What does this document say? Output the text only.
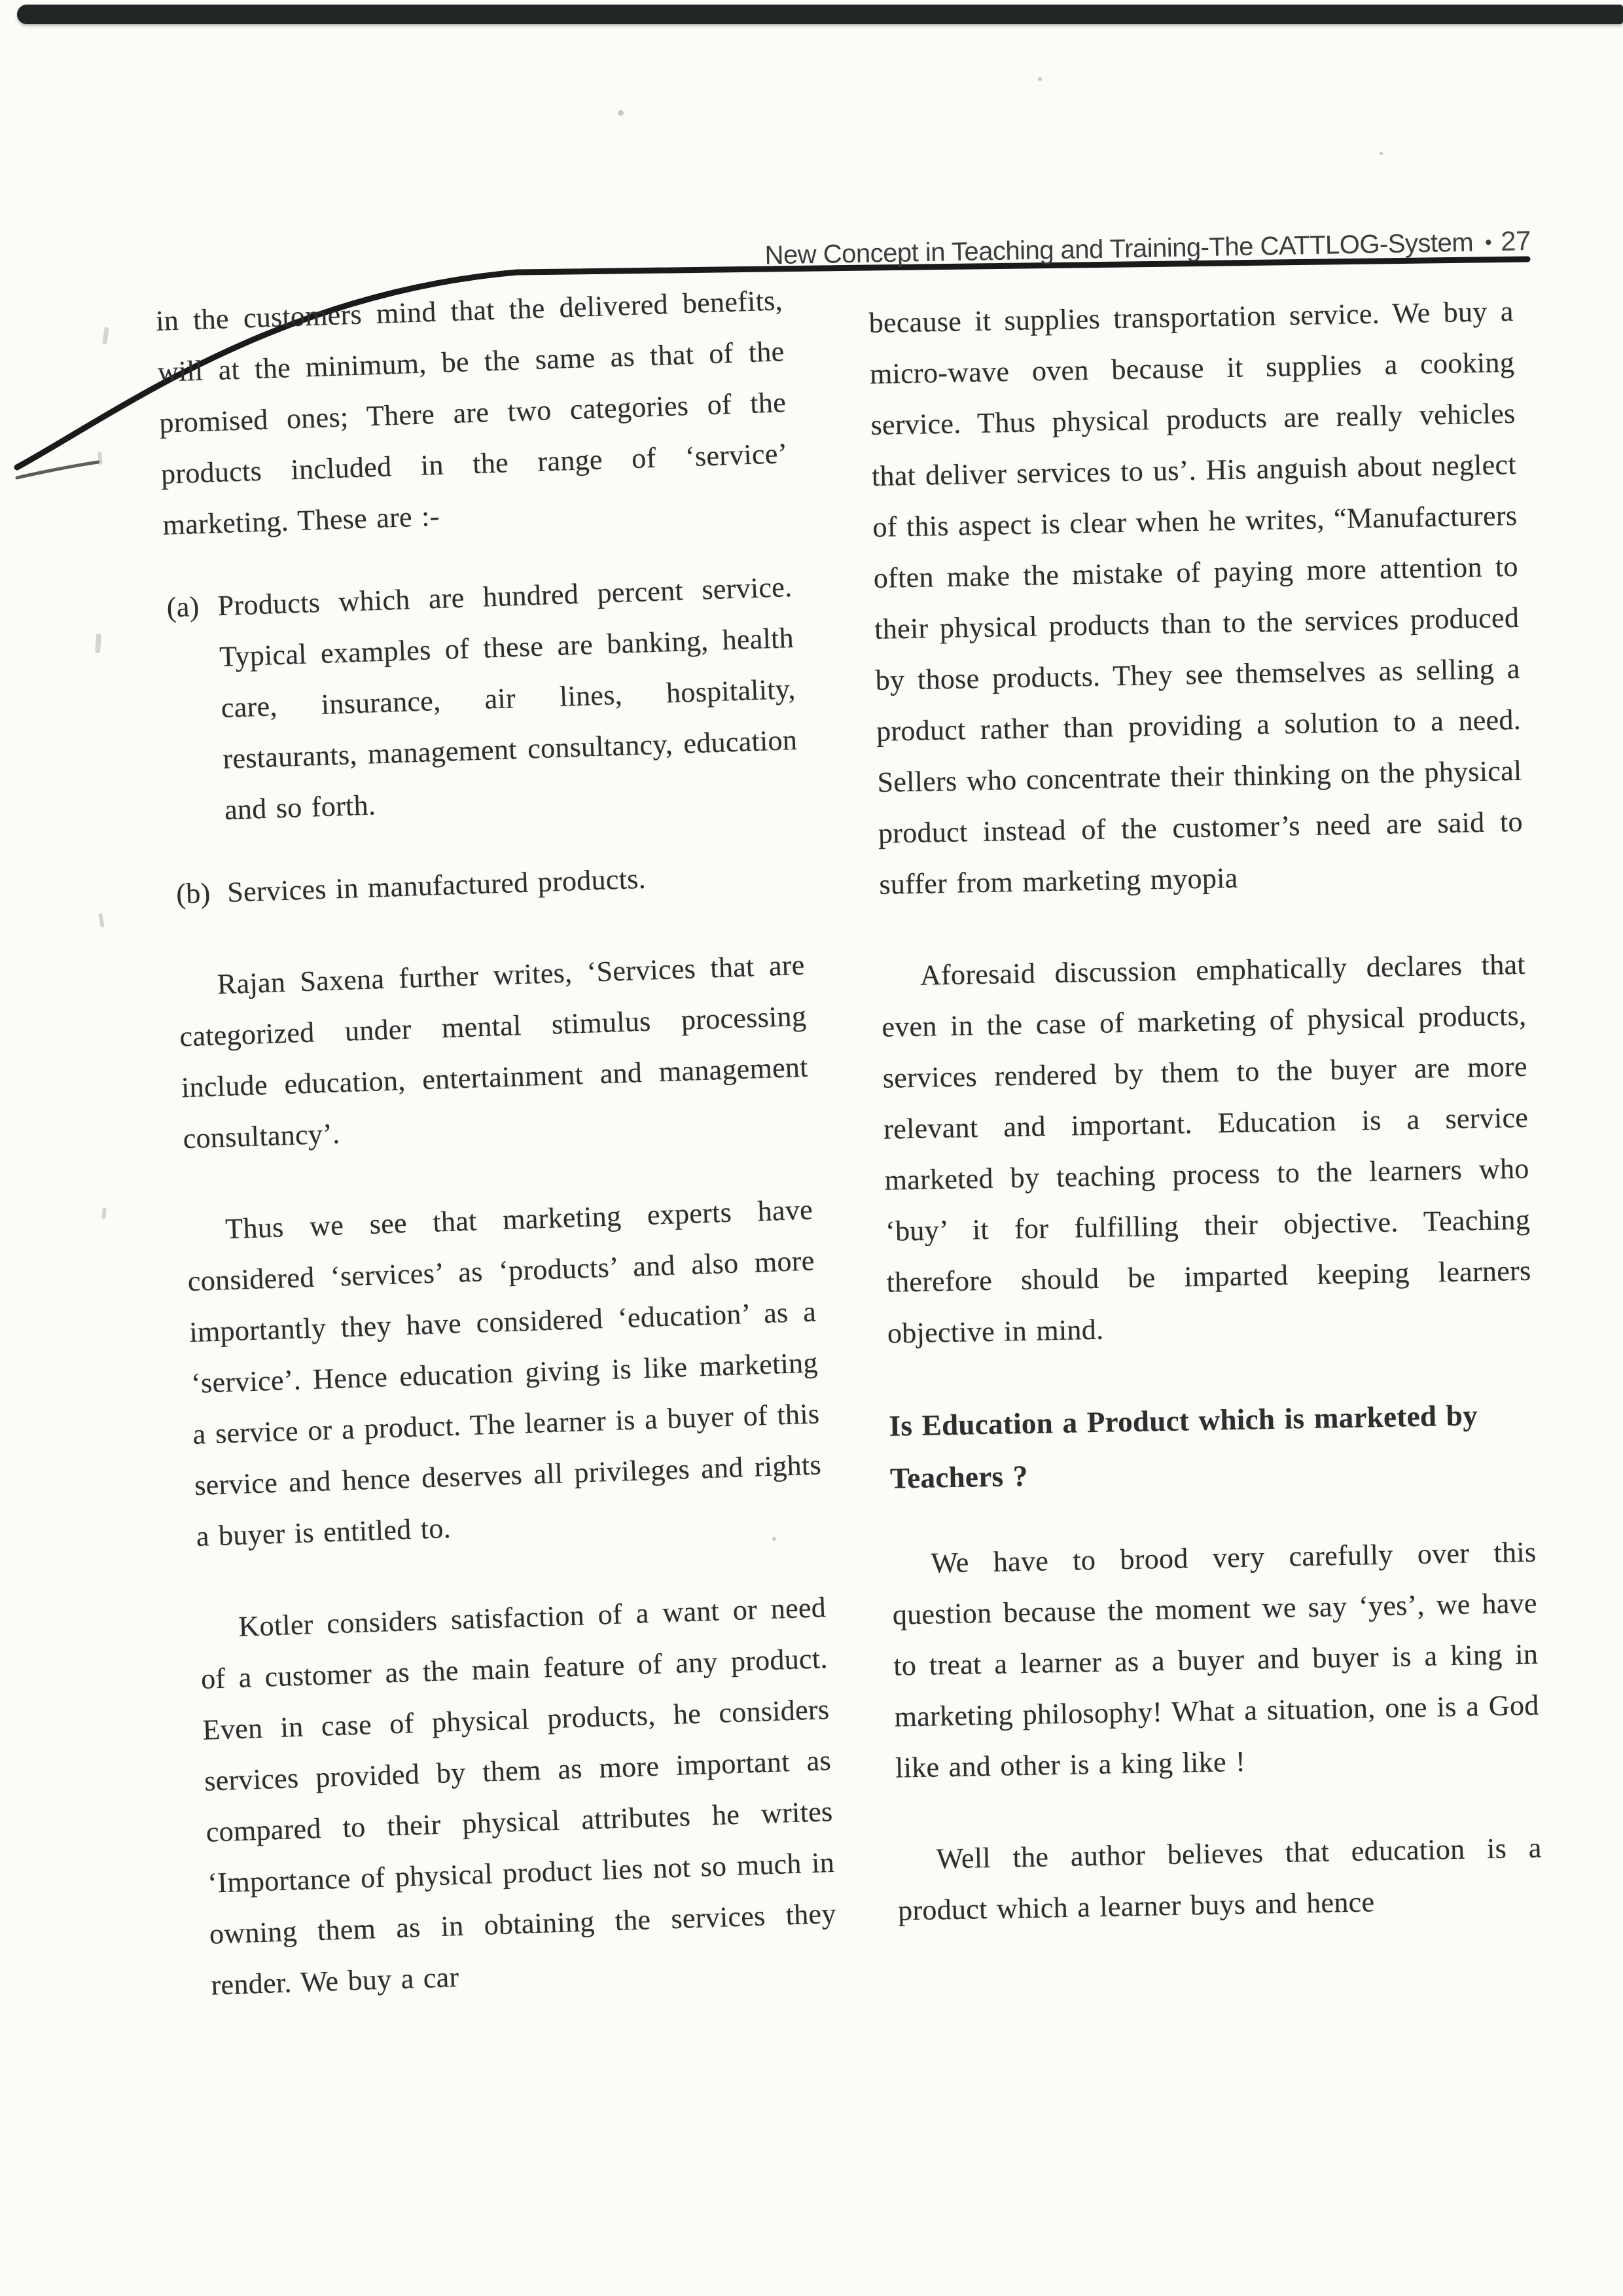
New Concept in Teaching and Training-The CATTLOG-System • 27

in the customers mind that the delivered benefits, will at the minimum, be the same as that of the promised ones; There are two categories of the products included in the range of ‘service’ marketing. These are :-

(a) Products which are hundred percent service. Typical examples of these are banking, health care, insurance, air lines, hospitality, restaurants, management consultancy, education and so forth.

(b) Services in manufactured products.

Rajan Saxena further writes, ‘Services that are categorized under mental stimulus processing include education, entertainment and management consultancy’.

Thus we see that marketing experts have considered ‘services’ as ‘products’ and also more importantly they have considered ‘education’ as a ‘service’. Hence education giving is like marketing a service or a product. The learner is a buyer of this service and hence deserves all privileges and rights a buyer is entitled to.

Kotler considers satisfaction of a want or need of a customer as the main feature of any product. Even in case of physical products, he considers services provided by them as more important as compared to their physical attributes he writes ‘Importance of physical product lies not so much in owning them as in obtaining the services they render. We buy a car

because it supplies transportation service. We buy a micro-wave oven because it supplies a cooking service. Thus physical products are really vehicles that deliver services to us’. His anguish about neglect of this aspect is clear when he writes, “Manufacturers often make the mistake of paying more attention to their physical products than to the services produced by those products. They see themselves as selling a product rather than providing a solution to a need. Sellers who concentrate their thinking on the physical product instead of the customer’s need are said to suffer from marketing myopia

Aforesaid discussion emphatically declares that even in the case of marketing of physical products, services rendered by them to the buyer are more relevant and important. Education is a service marketed by teaching process to the learners who ‘buy’ it for fulfilling their objective. Teaching therefore should be imparted keeping learners objective in mind.

Is Education a Product which is marketed by Teachers ?

We have to brood very carefully over this question because the moment we say ‘yes’, we have to treat a learner as a buyer and buyer is a king in marketing philosophy! What a situation, one is a God like and other is a king like !

Well the author believes that education is a product which a learner buys and hence
